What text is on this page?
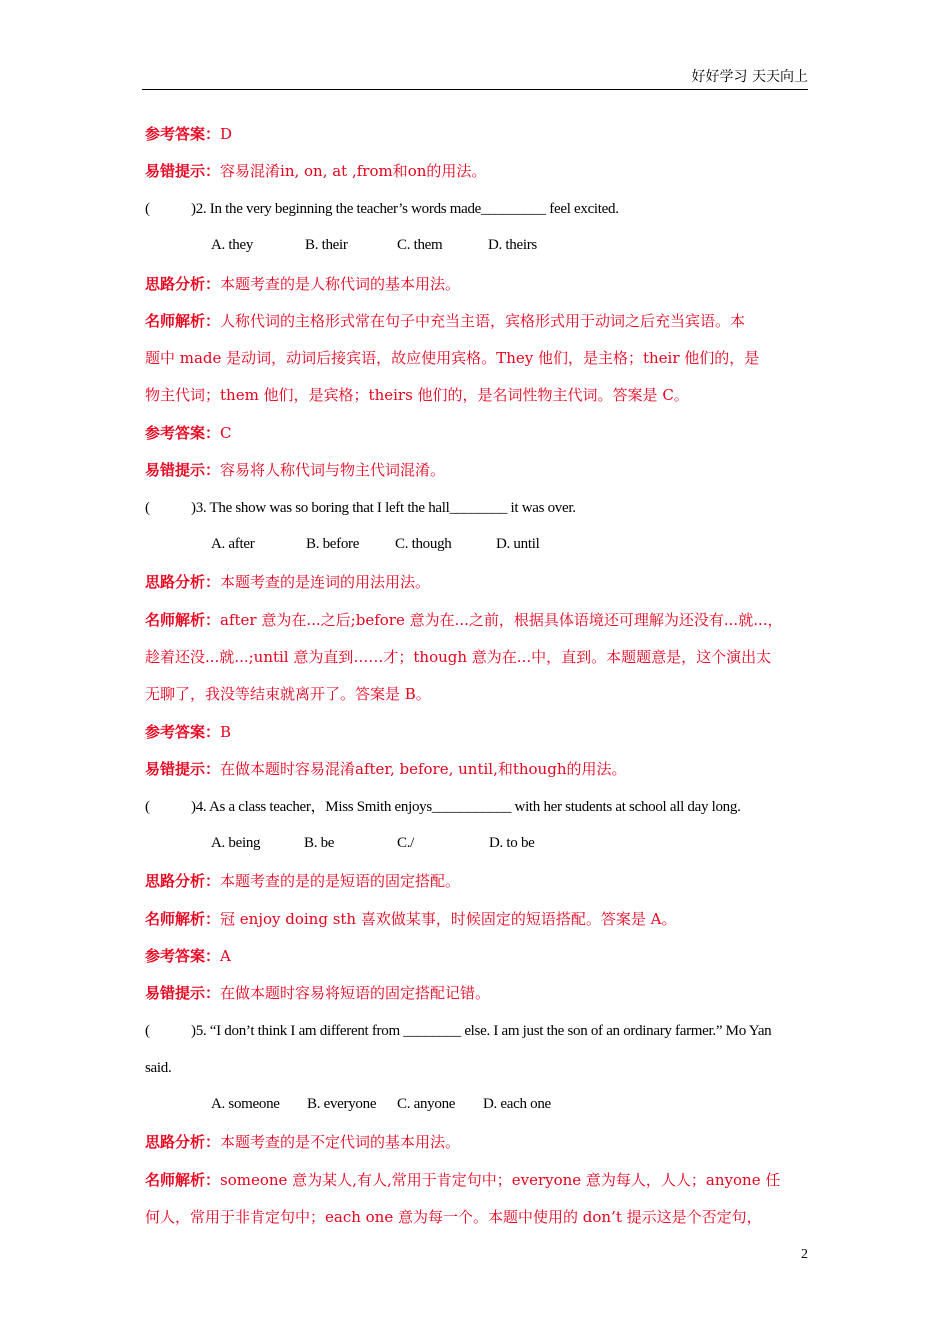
好好学习 天天向上
参考答案：D
易错提示：容易混淆in, on, at ,from和on的用法。
(	)2. In the very beginning the teacher’s words made_________ feel excited.
A. they	B. their	C. them	D. theirs
思路分析：本题考查的是人称代词的基本用法。
名师解析：人称代词的主格形式常在句子中充当主语，宾格形式用于动词之后充当宾语。本
题中 made 是动词，动词后接宾语，故应使用宾格。They 他们，是主格；their 他们的，是
物主代词；them 他们，是宾格；theirs 他们的，是名词性物主代词。答案是 C。
参考答案：C
易错提示：容易将人称代词与物主代词混淆。
(	)3. The show was so boring that I left the hall________ it was over.
A. after	B. before C. though	D. until
思路分析：本题考查的是连词的用法用法。
名师解析：after 意为在...之后;before 意为在...之前，根据具体语境还可理解为还没有...就...，
趁着还没...就...;until 意为直到……才；though 意为在...中，直到。本题题意是，这个演出太
无聊了，我没等结束就离开了。答案是 B。
参考答案：B
易错提示：在做本题时容易混淆after, before, until,和though的用法。
(	)4. As a class teacher，Miss Smith enjoys___________ with her students at school all day long.
A. being	B. be	C./	D. to be
思路分析：本题考查的是的是短语的固定搭配。
名师解析：冠 enjoy doing sth 喜欢做某事，时候固定的短语搭配。答案是 A。
参考答案：A
易错提示：在做本题时容易将短语的固定搭配记错。
(	)5. “I don’t think I am different from ________ else. I am just the son of an ordinary farmer.” Mo Yan
said.
A. someone B. everyone C. anyone D. each one
思路分析：本题考查的是不定代词的基本用法。
名师解析：someone 意为某人,有人,常用于肯定句中；everyone 意为每人，人人；anyone 任
何人，常用于非肯定句中；each one 意为每一个。本题中使用的 don’t 提示这是个否定句，
2
